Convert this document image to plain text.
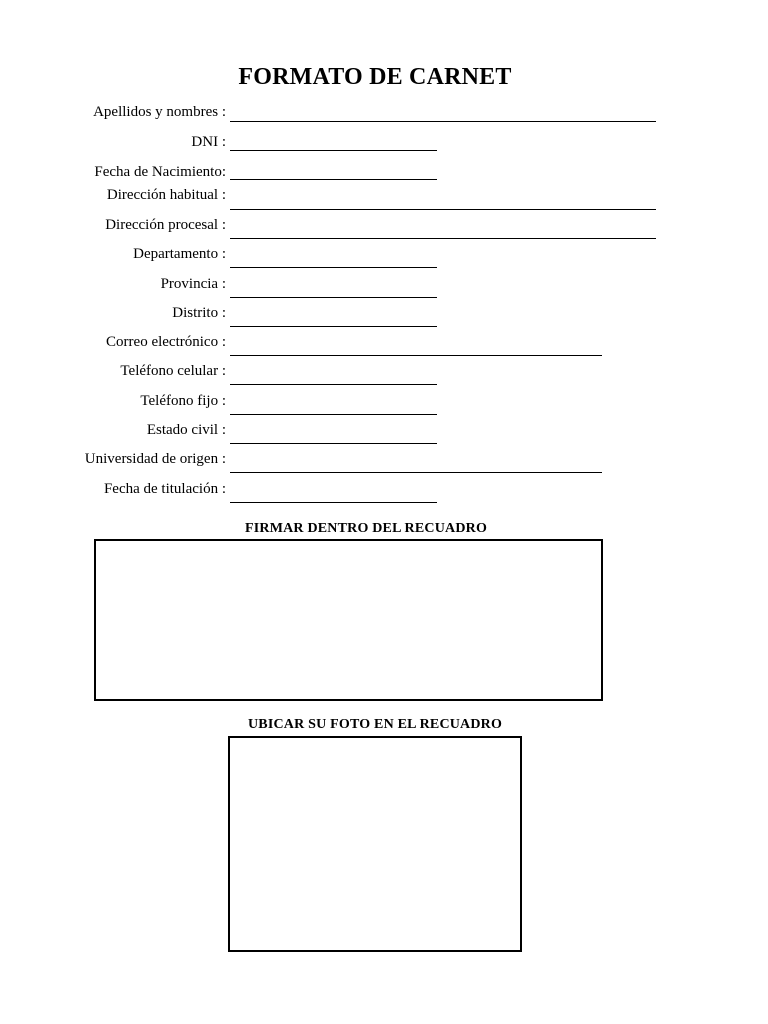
FORMATO DE CARNET
Apellidos y nombres :
DNI :
Fecha de Nacimiento:
Dirección habitual :
Dirección procesal :
Departamento :
Provincia :
Distrito :
Correo electrónico :
Teléfono celular :
Teléfono fijo :
Estado civil :
Universidad de origen :
Fecha de titulación :
FIRMAR DENTRO DEL RECUADRO
UBICAR SU FOTO EN EL RECUADRO
